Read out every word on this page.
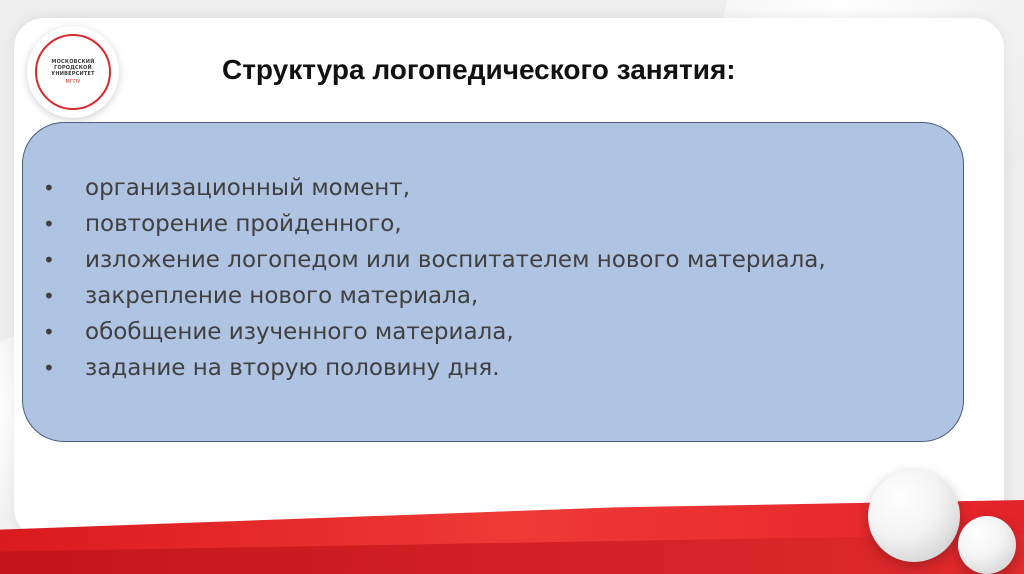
МОСКОВСКИЙ
ГОРОДСКОЙ
УНИВЕРСИТЕТ
МГПУ	Структура логопедического занятия:
•	организационный момент,
•	повторение пройденного,
•	изложение логопедом или воспитателем нового материала,
•	закрепление нового материала,
•	обобщение изученного материала,
•	задание на вторую половину дня.
